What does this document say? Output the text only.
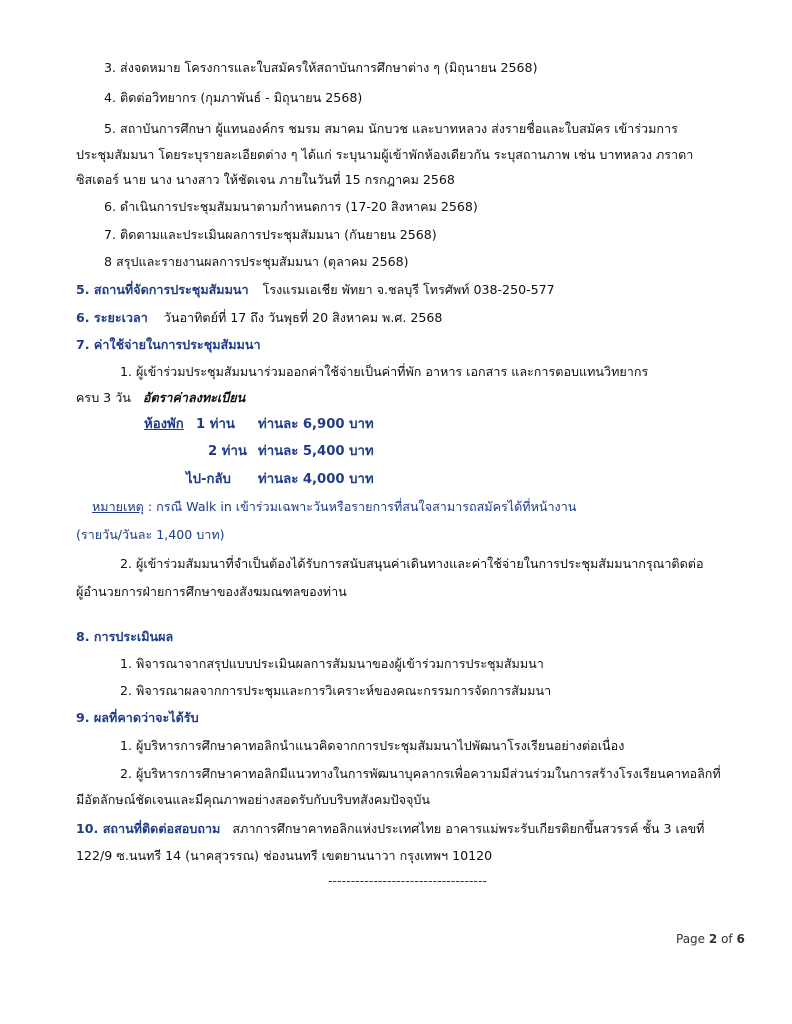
3. ส่งจดหมาย โครงการและใบสมัครให้สถาบันการศึกษาต่าง ๆ (มิถุนายน 2568)
4. ติดต่อวิทยากร (กุมภาพันธ์ - มิถุนายน 2568)
5. สถาบันการศึกษา ผู้แทนองค์กร ชมรม สมาคม นักบวช และบาทหลวง ส่งรายชื่อและใบสมัคร เข้าร่วมการ
ประชุมสัมมนา โดยระบุรายละเอียดต่าง ๆ ได้แก่ ระบุนามผู้เข้าพักห้องเดียวกัน ระบุสถานภาพ เช่น บาทหลวง ภราดา
ซิสเตอร์ นาย นาง นางสาว ให้ชัดเจน ภายในวันที่ 15 กรกฎาคม 2568
6. ดำเนินการประชุมสัมมนาตามกำหนดการ (17-20 สิงหาคม 2568)
7. ติดตามและประเมินผลการประชุมสัมมนา (กันยายน 2568)
8 สรุปและรายงานผลการประชุมสัมมนา (ตุลาคม 2568)
5. สถานที่จัดการประชุมสัมมนา โรงแรมเอเชีย พัทยา จ.ชลบุรี โทรศัพท์ 038-250-577
6. ระยะเวลา วันอาทิตย์ที่ 17 ถึง วันพุธที่ 20 สิงหาคม พ.ศ. 2568
7. ค่าใช้จ่ายในการประชุมสัมมนา
1. ผู้เข้าร่วมประชุมสัมมนาร่วมออกค่าใช้จ่ายเป็นค่าที่พัก อาหาร เอกสาร และการตอบแทนวิทยากร
ครบ 3 วัน อัตราค่าลงทะเบียน
ห้องพัก 1 ท่าน ท่านละ 6,900 บาท
2 ท่าน ท่านละ 5,400 บาท
ไป-กลับ ท่านละ 4,000 บาท
หมายเหตุ : กรณี Walk in เข้าร่วมเฉพาะวันหรือรายการที่สนใจสามารถสมัครได้ที่หน้างาน
(รายวัน/วันละ 1,400 บาท)
2. ผู้เข้าร่วมสัมมนาที่จำเป็นต้องได้รับการสนับสนุนค่าเดินทางและค่าใช้จ่ายในการประชุมสัมมนากรุณาติดต่อ
ผู้อำนวยการฝ่ายการศึกษาของสังฆมณฑลของท่าน
8. การประเมินผล
1. พิจารณาจากสรุปแบบประเมินผลการสัมมนาของผู้เข้าร่วมการประชุมสัมมนา
2. พิจารณาผลจากการประชุมและการวิเคราะห์ของคณะกรรมการจัดการสัมมนา
9. ผลที่คาดว่าจะได้รับ
1. ผู้บริหารการศึกษาคาทอลิกนำแนวคิดจากการประชุมสัมมนาไปพัฒนาโรงเรียนอย่างต่อเนื่อง
2. ผู้บริหารการศึกษาคาทอลิกมีแนวทางในการพัฒนาบุคลากรเพื่อความมีส่วนร่วมในการสร้างโรงเรียนคาทอลิกที่
มีอัตลักษณ์ชัดเจนและมีคุณภาพอย่างสอดรับกับบริบทสังคมปัจจุบัน
10. สถานที่ติดต่อสอบถาม สภาการศึกษาคาทอลิกแห่งประเทศไทย อาคารแม่พระรับเกียรติยกขึ้นสวรรค์ ชั้น 3 เลขที่
122/9 ซ.นนทรี 14 (นาคสุวรรณ) ช่องนนทรี เขตยานนาวา กรุงเทพฯ 10120
-----------------------------------
Page 2 of 6
